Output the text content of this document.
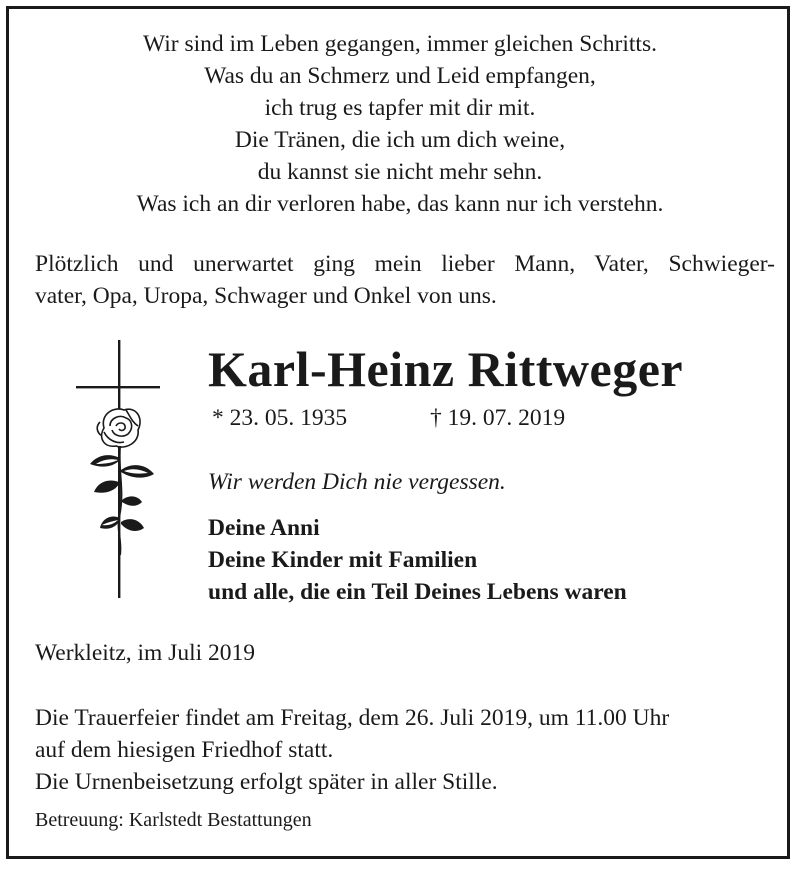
Wir sind im Leben gegangen, immer gleichen Schritts.
Was du an Schmerz und Leid empfangen,
ich trug es tapfer mit dir mit.
Die Tränen, die ich um dich weine,
du kannst sie nicht mehr sehn.
Was ich an dir verloren habe, das kann nur ich verstehn.
Plötzlich und unerwartet ging mein lieber Mann, Vater, Schwieger-
vater, Opa, Uropa, Schwager und Onkel von uns.
Karl-Heinz Rittweger
* 23. 05. 1935	† 19. 07. 2019
Wir werden Dich nie vergessen.
Deine Anni
Deine Kinder mit Familien
und alle, die ein Teil Deines Lebens waren
Werkleitz, im Juli 2019
Die Trauerfeier findet am Freitag, dem 26. Juli 2019, um 11.00 Uhr
auf dem hiesigen Friedhof statt.
Die Urnenbeisetzung erfolgt später in aller Stille.
Betreuung: Karlstedt Bestattungen
